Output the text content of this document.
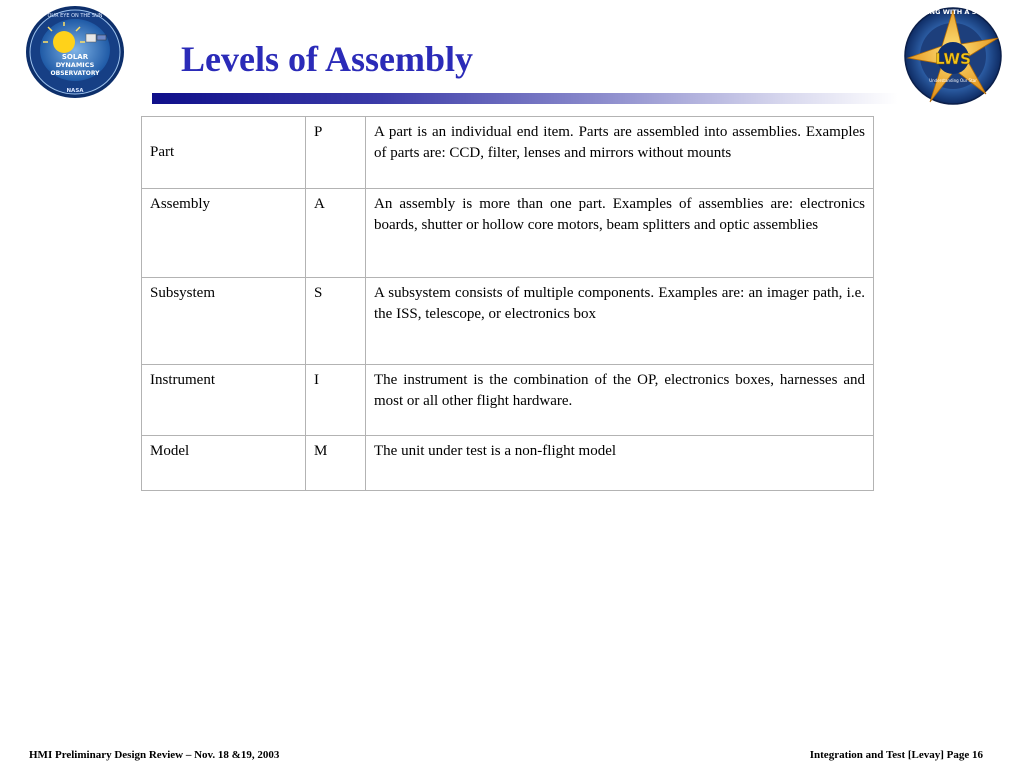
SOLAR
DYNAMICS
OBSERVATORY
NASA
OUR EYE ON THE SUN
LWS
Understanding Our Star
LIVING WITH A STAR
Levels of Assembly
Part	P	A part is an individual end item. Parts are assembled into assemblies. Examples of parts are: CCD, filter, lenses and mirrors without mounts
Assembly	A	An assembly is more than one part. Examples of assemblies are: electronics boards, shutter or hollow core motors, beam splitters and optic assemblies
Subsystem	S	A subsystem consists of multiple components. Examples are: an imager path, i.e. the ISS, telescope, or electronics box
Instrument	I	The instrument is the combination of the OP, electronics boxes, harnesses and most or all other flight hardware.
Model	M	The unit under test is a non-flight model
HMI Preliminary Design Review – Nov. 18 &19, 2003	Integration and Test [Levay] Page 16
